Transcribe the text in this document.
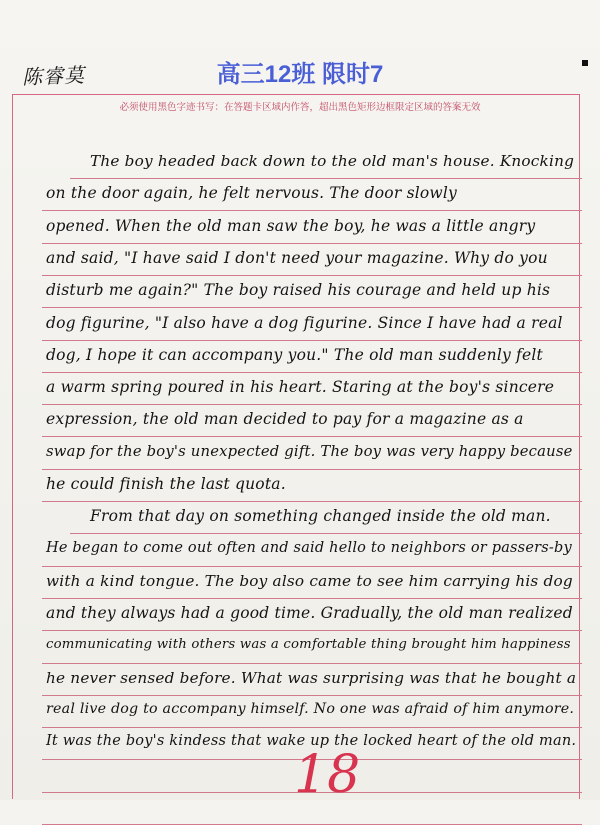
陈睿莫	高三12班 限时7
必须使用黑色字迹书写：在答题卡区域内作答，超出黑色矩形边框限定区域的答案无效
The boy headed back down to the old man's house. Knocking
on the door again, he felt nervous. The door slowly
opened. When the old man saw the boy, he was a little angry
and said, "I have said I don't need your magazine. Why do you
disturb me again?" The boy raised his courage and held up his
dog figurine, "I also have a dog figurine. Since I have had a real
dog, I hope it can accompany you." The old man suddenly felt
a warm spring poured in his heart. Staring at the boy's sincere
expression, the old man decided to pay for a magazine as a
swap for the boy's unexpected gift. The boy was very happy because
he could finish the last quota.
From that day on something changed inside the old man.
He began to come out often and said hello to neighbors or passers-by
with a kind tongue. The boy also came to see him carrying his dog
and they always had a good time. Gradually, the old man realized
communicating with others was a comfortable thing brought him happiness
he never sensed before. What was surprising was that he bought a
real live dog to accompany himself. No one was afraid of him anymore.
It was the boy's kindess that wake up the locked heart of the old man.
18
